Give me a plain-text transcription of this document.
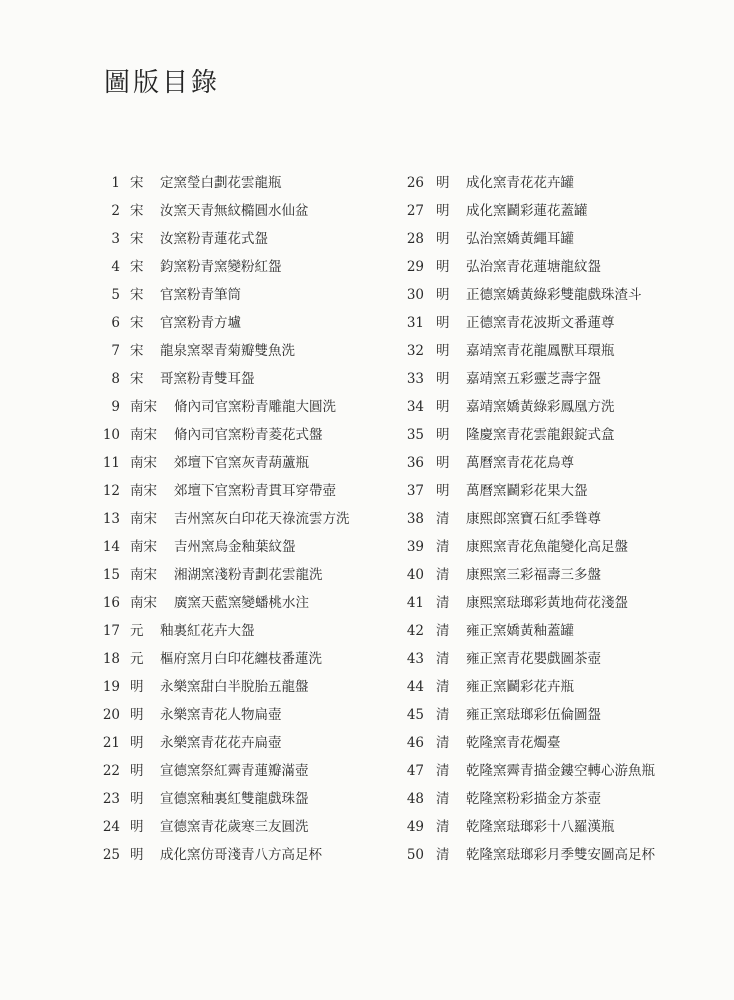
圖版目錄
1 宋 定窯瑩白劃花雲龍瓶
2 宋 汝窯天青無紋橢圓水仙盆
3 宋 汝窯粉青蓮花式盌
4 宋 鈞窯粉青窯變粉紅盌
5 宋 官窯粉青筆筒
6 宋 官窯粉青方壚
7 宋 龍泉窯翠青菊瓣雙魚洗
8 宋 哥窯粉青雙耳盌
9 南宋 脩內司官窯粉青雕龍大圓洗
10 南宋 脩內司官窯粉青菱花式盤
11 南宋 郊壇下官窯灰青葫蘆瓶
12 南宋 郊壇下官窯粉青貫耳穿帶壺
13 南宋 吉州窯灰白印花天祿流雲方洗
14 南宋 吉州窯烏金釉葉紋盌
15 南宋 湘湖窯淺粉青劃花雲龍洗
16 南宋 廣窯天藍窯變蟠桃水注
17 元 釉裏紅花卉大盌
18 元 樞府窯月白印花纏枝番蓮洗
19 明 永樂窯甜白半脫胎五龍盤
20 明 永樂窯青花人物扁壺
21 明 永樂窯青花花卉扁壺
22 明 宣德窯祭紅霽青蓮瓣滿壺
23 明 宣德窯釉裏紅雙龍戲珠盌
24 明 宣德窯青花歲寒三友圓洗
25 明 成化窯仿哥淺青八方高足杯
26 明 成化窯青花花卉罐
27 明 成化窯鬬彩蓮花蓋罐
28 明 弘治窯嬌黃繩耳罐
29 明 弘治窯青花蓮塘龍紋盌
30 明 正德窯嬌黃綠彩雙龍戲珠渣斗
31 明 正德窯青花波斯文番蓮尊
32 明 嘉靖窯青花龍鳳獸耳環瓶
33 明 嘉靖窯五彩靈芝壽字盌
34 明 嘉靖窯嬌黃綠彩鳳凰方洗
35 明 隆慶窯青花雲龍銀錠式盒
36 明 萬曆窯青花花鳥尊
37 明 萬曆窯鬬彩花果大盌
38 清 康熙郎窯寶石紅季聳尊
39 清 康熙窯青花魚龍變化高足盤
40 清 康熙窯三彩福壽三多盤
41 清 康熙窯琺瑯彩黃地荷花淺盌
42 清 雍正窯嬌黃釉蓋罐
43 清 雍正窯青花嬰戲圖茶壺
44 清 雍正窯鬬彩花卉瓶
45 清 雍正窯琺瑯彩伍倫圖盌
46 清 乾隆窯青花燭臺
47 清 乾隆窯霽青描金鏤空轉心游魚瓶
48 清 乾隆窯粉彩描金方茶壺
49 清 乾隆窯琺瑯彩十八羅漢瓶
50 清 乾隆窯琺瑯彩月季雙安圖高足杯
